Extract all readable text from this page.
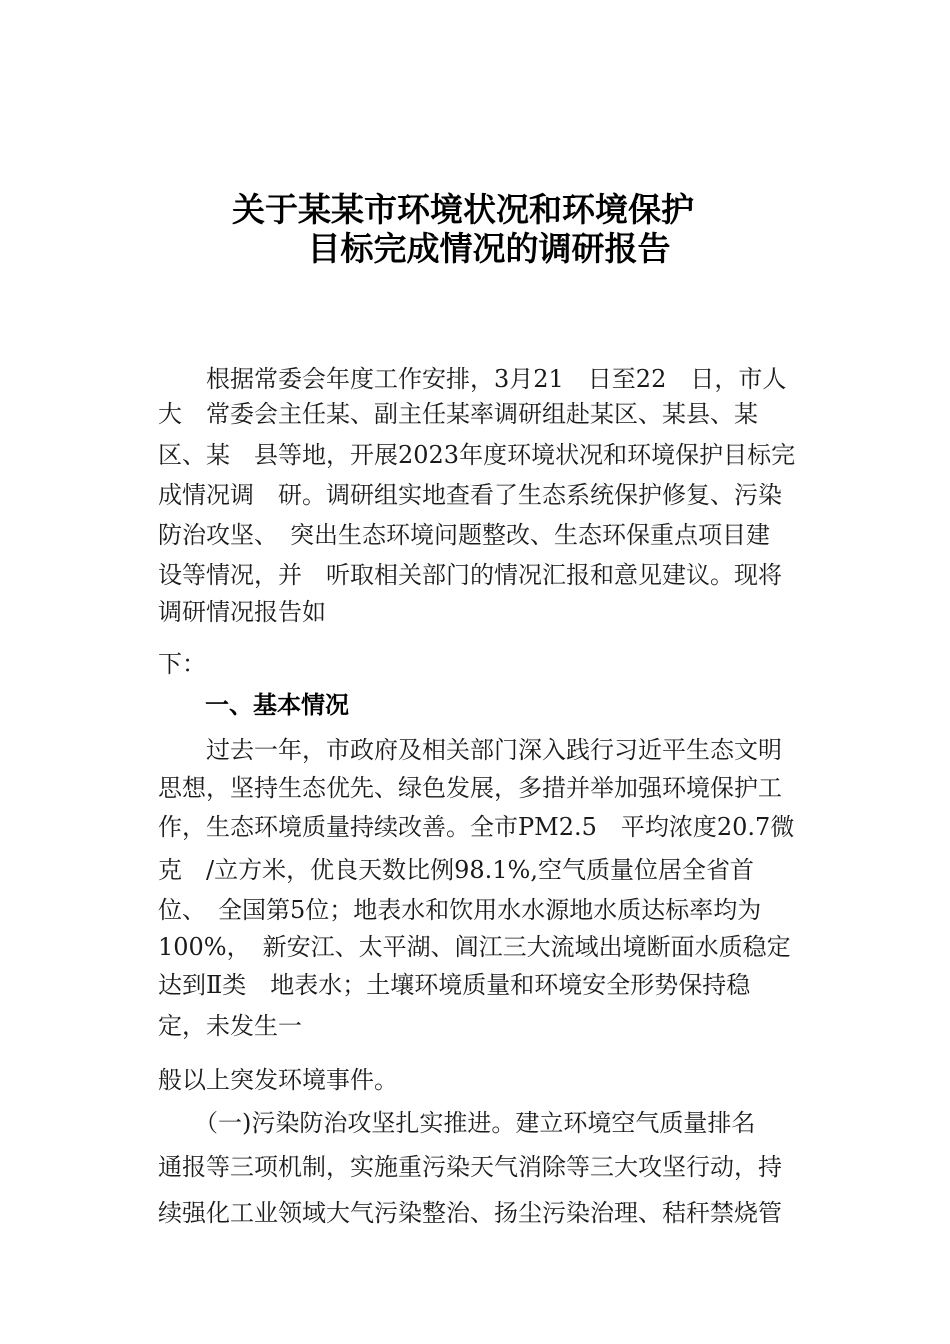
关于某某市环境状况和环境保护
目标完成情况的调研报告
　　根据常委会年度工作安排，3月21　日至22　日，市人
大　常委会主任某、副主任某率调研组赴某区、某县、某
区、某　县等地，开展2023年度环境状况和环境保护目标完
成情况调　研。调研组实地查看了生态系统保护修复、污染
防治攻坚、　突出生态环境问题整改、生态环保重点项目建
设等情况，并　听取相关部门的情况汇报和意见建议。现将
调研情况报告如
下：
一、基本情况
　　过去一年，市政府及相关部门深入践行习近平生态文明
思想，坚持生态优先、绿色发展，多措并举加强环境保护工
作，生态环境质量持续改善。全市PM2.5　平均浓度20.7微
克　/立方米，优良天数比例98.1%,空气质量位居全省首
位、　全国第5位；地表水和饮用水水源地水质达标率均为
100%，　新安江、太平湖、阊江三大流域出境断面水质稳定
达到Ⅱ类　地表水；土壤环境质量和环境安全形势保持稳
定，未发生一
般以上突发环境事件。
　　（一)污染防治攻坚扎实推进。建立环境空气质量排名
通报等三项机制，实施重污染天气消除等三大攻坚行动，持
续强化工业领域大气污染整治、扬尘污染治理、秸秆禁烧管
